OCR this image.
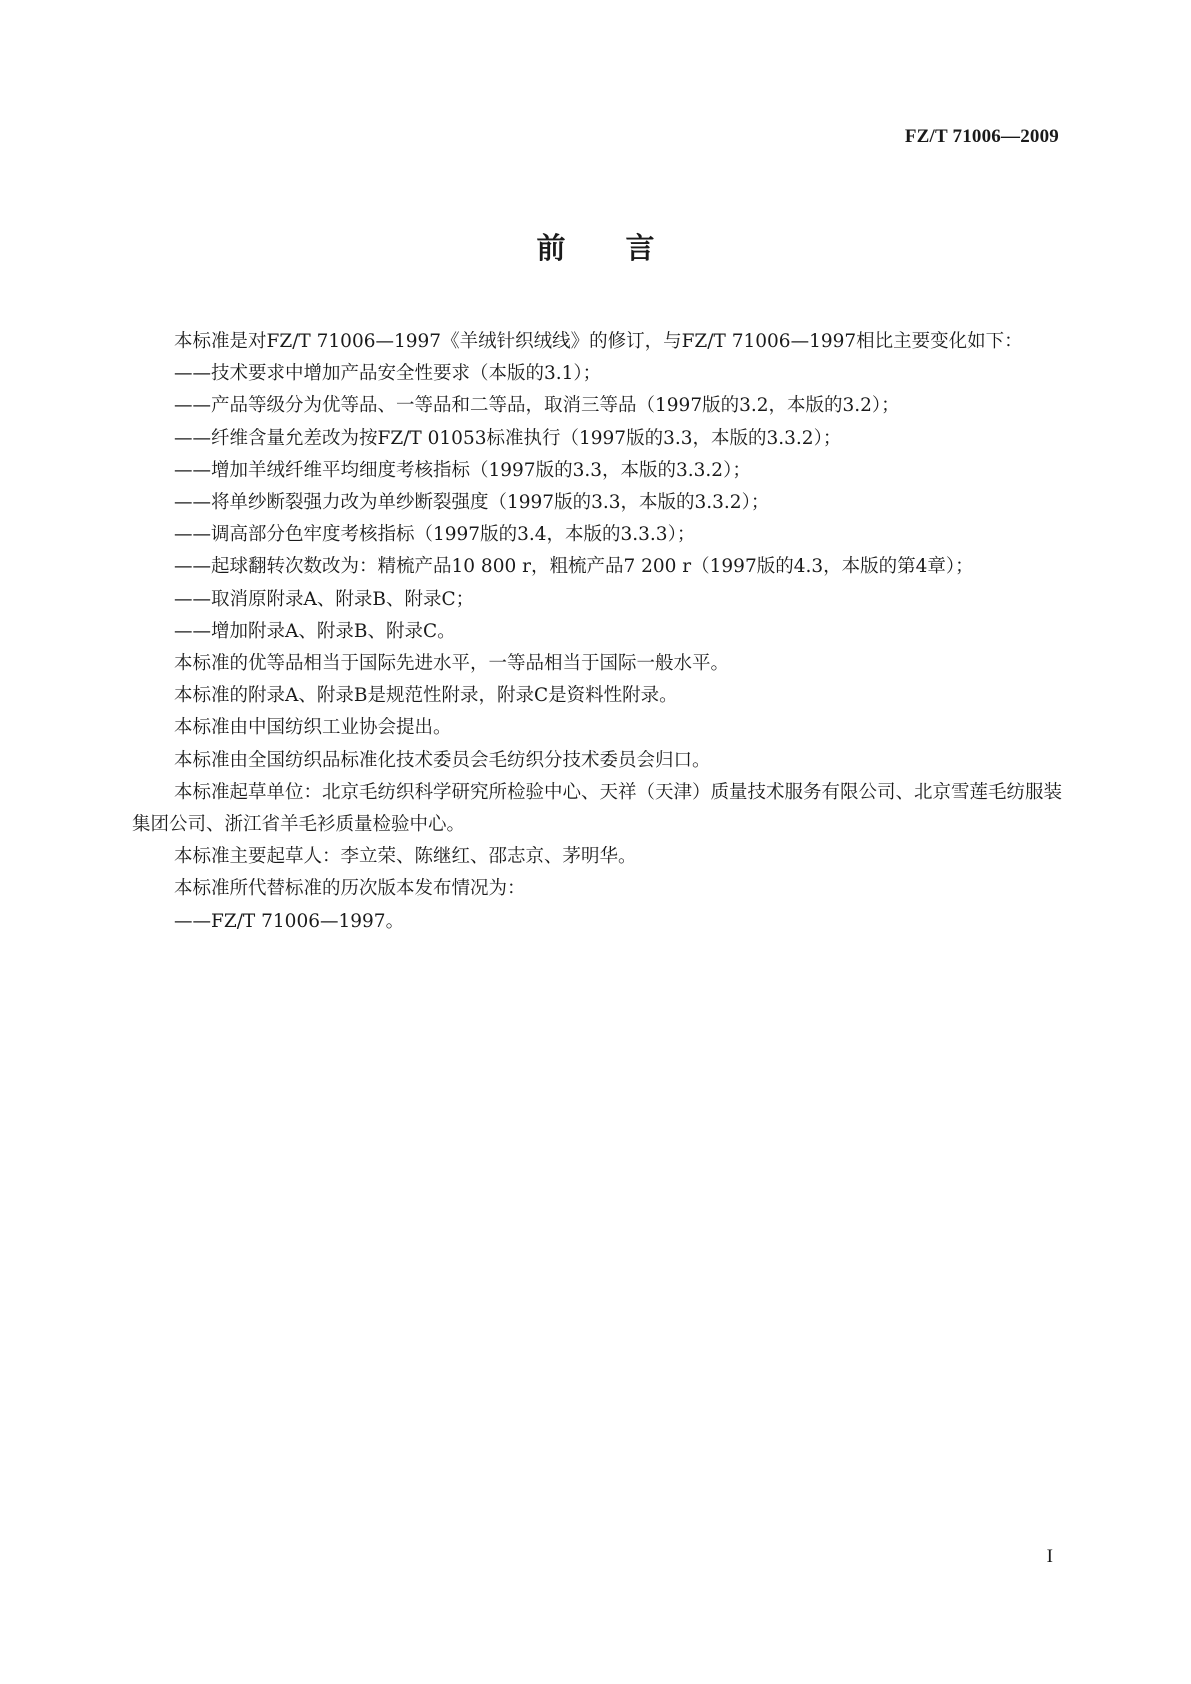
FZ/T 71006—2009
前言

本标准是对FZ/T 71006—1997《羊绒针织绒线》的修订，与FZ/T 71006—1997相比主要变化如下：

——技术要求中增加产品安全性要求（本版的3.1）；

——产品等级分为优等品、一等品和二等品，取消三等品（1997版的3.2，本版的3.2）；

——纤维含量允差改为按FZ/T 01053标准执行（1997版的3.3，本版的3.3.2）；

——增加羊绒纤维平均细度考核指标（1997版的3.3，本版的3.3.2）；

——将单纱断裂强力改为单纱断裂强度（1997版的3.3，本版的3.3.2）；

——调高部分色牢度考核指标（1997版的3.4，本版的3.3.3）；

——起球翻转次数改为：精梳产品10 800 r，粗梳产品7 200 r（1997版的4.3，本版的第4章）；

——取消原附录A、附录B、附录C；

——增加附录A、附录B、附录C。

本标准的优等品相当于国际先进水平，一等品相当于国际一般水平。

本标准的附录A、附录B是规范性附录，附录C是资料性附录。

本标准由中国纺织工业协会提出。

本标准由全国纺织品标准化技术委员会毛纺织分技术委员会归口。

本标准起草单位：北京毛纺织科学研究所检验中心、天祥（天津）质量技术服务有限公司、北京雪莲毛纺服装集团公司、浙江省羊毛衫质量检验中心。

本标准主要起草人：李立荣、陈继红、邵志京、茅明华。

本标准所代替标准的历次版本发布情况为：

——FZ/T 71006—1997。

I
